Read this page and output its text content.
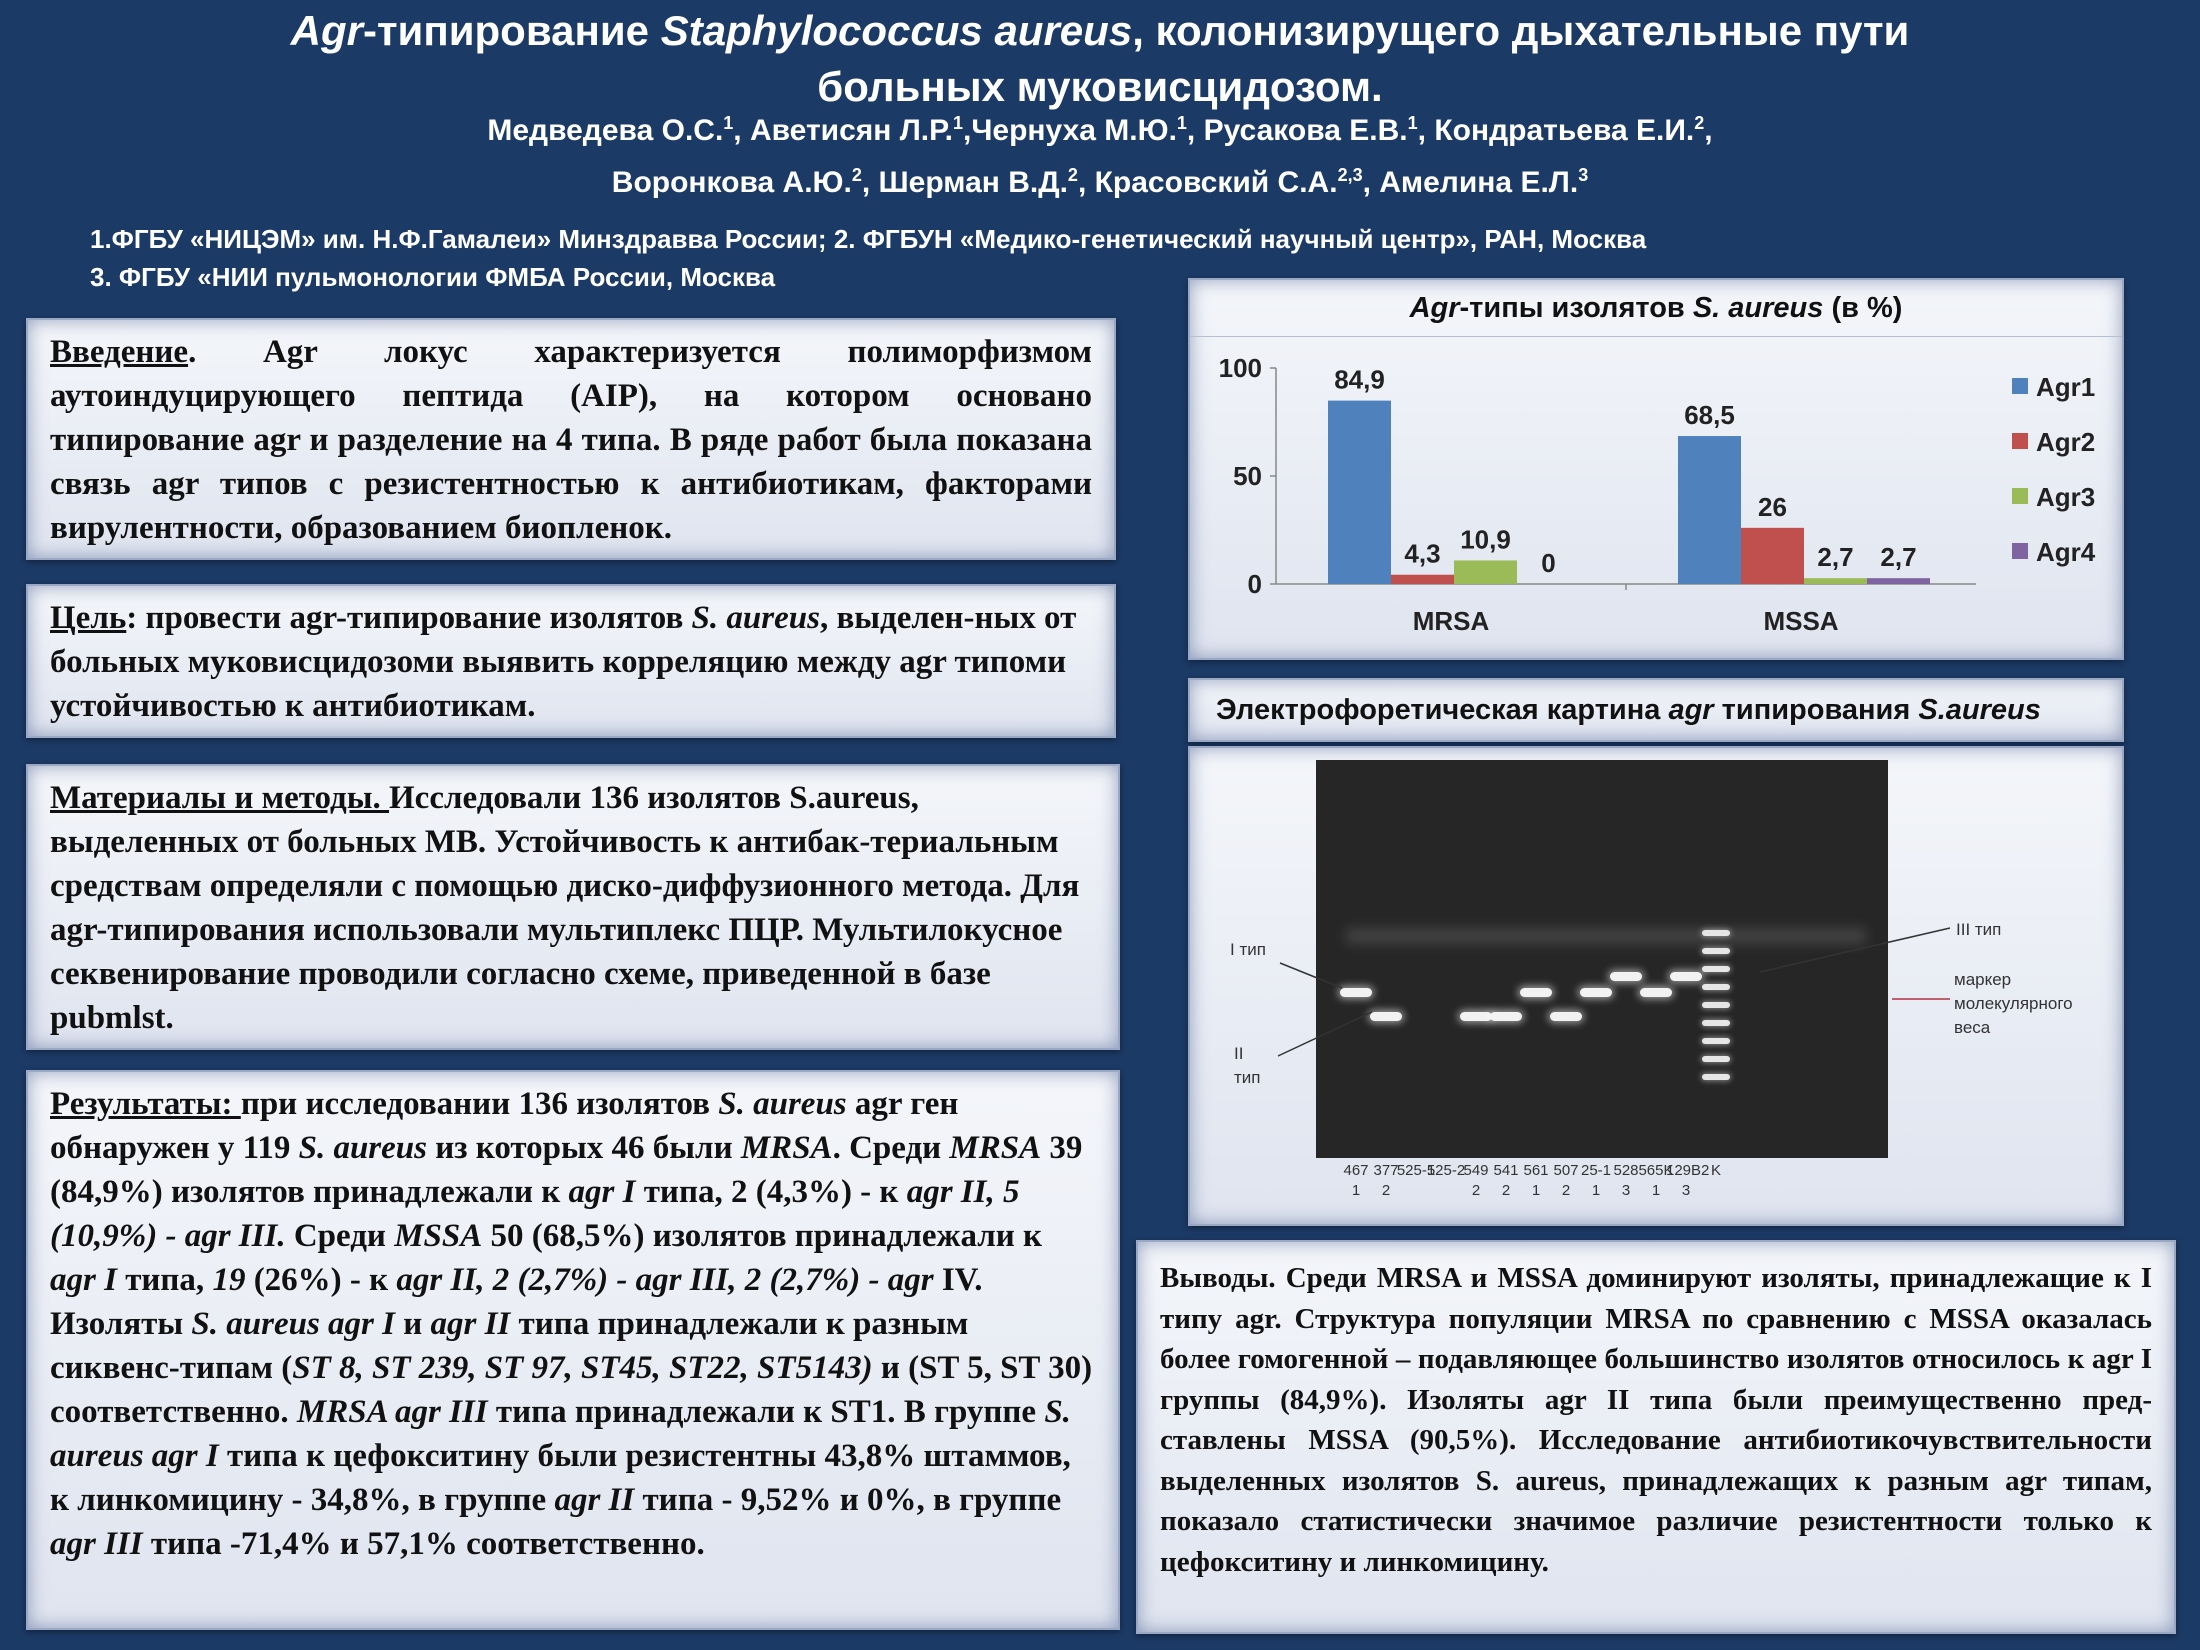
Agr-типирование Staphylococcus aureus, колонизирущего дыхательные пути
больных муковисцидозом.
Медведева О.С.$^1$, Аветисян Л.Р.$^1$,Чернуха М.Ю.$^1$, Русакова Е.В.$^1$, Кондратьева Е.И.$^2$,
Воронкова А.Ю.$^2$, Шерман В.Д.$^2$, Красовский С.А.$^{2,3}$, Амелина Е.Л.$^3$
1.ФГБУ «НИЦЭМ» им. Н.Ф.Гамалеи» Минздравва России; 2. ФГБУН «Медико-генетический научный центр», РАН, Москва
3. ФГБУ «НИИ пульмонологии ФМБА России, Москва
Введение. Agr локус характеризуется полиморфизмом аутоиндуцирующего пептида (AIP), на котором основано типирование agr и разделение на 4 типа. В ряде работ была показана связь agr типов с резистентностью к антибиотикам, факторами вирулентности, образованием биопленок.
Цель: провести agr-типирование изолятов S. aureus, выделен-ных от больных муковисцидозоми выявить корреляцию между agr типоми устойчивостью к антибиотикам.
Материалы и методы. Исследовали 136 изолятов S.aureus, выделенных от больных МВ. Устойчивость к антибак-териальным средствам определяли с помощью диско-диффузионного метода. Для agr-типирования использовали мультиплекс ПЦР. Мультилокусное секвенирование проводили согласно схеме, приведенной в базе pubmlst.
Результаты: при исследовании 136 изолятов S. aureus agr ген обнаружен у 119 S. aureus из которых 46 были MRSA. Среди MRSA 39 (84,9%) изолятов принадлежали к agr I типа, 2 (4,3%) - к agr II, 5 (10,9%) - agr III. Среди MSSA 50 (68,5%) изолятов принадлежали к agr I типа, 19 (26%) - к agr II, 2 (2,7%) - agr III, 2 (2,7%) - agr IV. Изоляты S. aureus agr I и agr II типа принадлежали к разным сиквенс-типам (ST 8, ST 239, ST 97, ST45, ST22, ST5143) и (ST 5, ST 30) соответственно. MRSA agr III типа принадлежали к ST1. В группе S. aureus agr I типа к цефокситину были резистентны 43,8% штаммов, к линкомицину - 34,8%, в группе agr II типа - 9,52% и 0%, в группе agr III типа -71,4% и 57,1% соответственно.
Выводы. Среди MRSA и MSSA доминируют изоляты, принадлежащие к I типу agr. Структура популяции MRSA по сравнению с MSSA оказалась более гомогенной – подавляющее большинство изолятов относилось к agr I группы (84,9%). Изоляты agr II типа были преимущественно пред-ставлены MSSA (90,5%). Исследование антибиотикочувствительности выделенных изолятов S. aureus, принадлежащих к разным agr типам, показало статистически значимое различие резистентности только к цефокситину и линкомицину.
Agr-типы изолятов S. aureus (в %)
0
50
100	84,9
4,3 10,9
0
MRSA
68,5
26
2,7 2,7
MSSA
Agr1
Agr2
Agr3
Agr4
Электрофоретическая картина agr типирования S.aureus
I тип
II
тип
III тип
маркер
молекулярного
веса
467
1
377
2
525-1
525-2
549
2
541
2
561
1
507
2
25-1
1
528
3
565K
1
129B2
3
K
